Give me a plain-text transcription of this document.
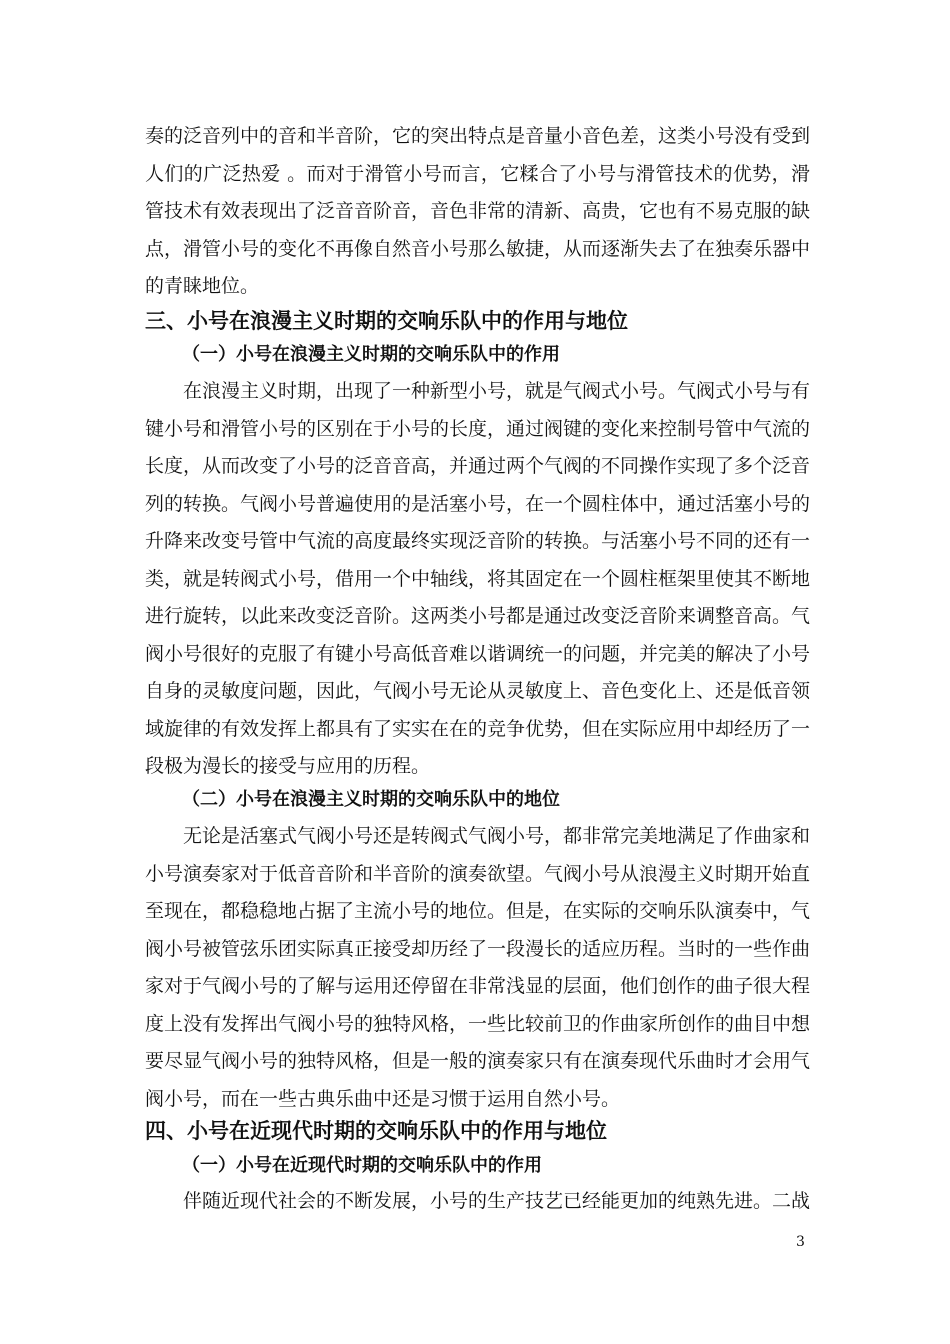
奏的泛音列中的音和半音阶，它的突出特点是音量小音色差，这类小号没有受到人们的广泛热爱 。而对于滑管小号而言，它糅合了小号与滑管技术的优势，滑管技术有效表现出了泛音音阶音，音色非常的清新、高贵，它也有不易克服的缺点，滑管小号的变化不再像自然音小号那么敏捷，从而逐渐失去了在独奏乐器中的青睐地位。

三、小号在浪漫主义时期的交响乐队中的作用与地位
（一）小号在浪漫主义时期的交响乐队中的作用

在浪漫主义时期，出现了一种新型小号，就是气阀式小号。气阀式小号与有键小号和滑管小号的区别在于小号的长度，通过阀键的变化来控制号管中气流的长度，从而改变了小号的泛音音高，并通过两个气阀的不同操作实现了多个泛音列的转换。气阀小号普遍使用的是活塞小号，在一个圆柱体中，通过活塞小号的升降来改变号管中气流的高度最终实现泛音阶的转换。与活塞小号不同的还有一类，就是转阀式小号，借用一个中轴线，将其固定在一个圆柱框架里使其不断地进行旋转，以此来改变泛音阶。这两类小号都是通过改变泛音阶来调整音高。气阀小号很好的克服了有键小号高低音难以谐调统一的问题，并完美的解决了小号自身的灵敏度问题，因此，气阀小号无论从灵敏度上、音色变化上、还是低音领域旋律的有效发挥上都具有了实实在在的竞争优势，但在实际应用中却经历了一段极为漫长的接受与应用的历程。

（二）小号在浪漫主义时期的交响乐队中的地位

无论是活塞式气阀小号还是转阀式气阀小号，都非常完美地满足了作曲家和小号演奏家对于低音音阶和半音阶的演奏欲望。气阀小号从浪漫主义时期开始直至现在，都稳稳地占据了主流小号的地位。但是，在实际的交响乐队演奏中，气阀小号被管弦乐团实际真正接受却历经了一段漫长的适应历程。当时的一些作曲家对于气阀小号的了解与运用还停留在非常浅显的层面，他们创作的曲子很大程度上没有发挥出气阀小号的独特风格，一些比较前卫的作曲家所创作的曲目中想要尽显气阀小号的独特风格，但是一般的演奏家只有在演奏现代乐曲时才会用气阀小号，而在一些古典乐曲中还是习惯于运用自然小号。

四、小号在近现代时期的交响乐队中的作用与地位
（一）小号在近现代时期的交响乐队中的作用

伴随近现代社会的不断发展，小号的生产技艺已经能更加的纯熟先进。二战

3
